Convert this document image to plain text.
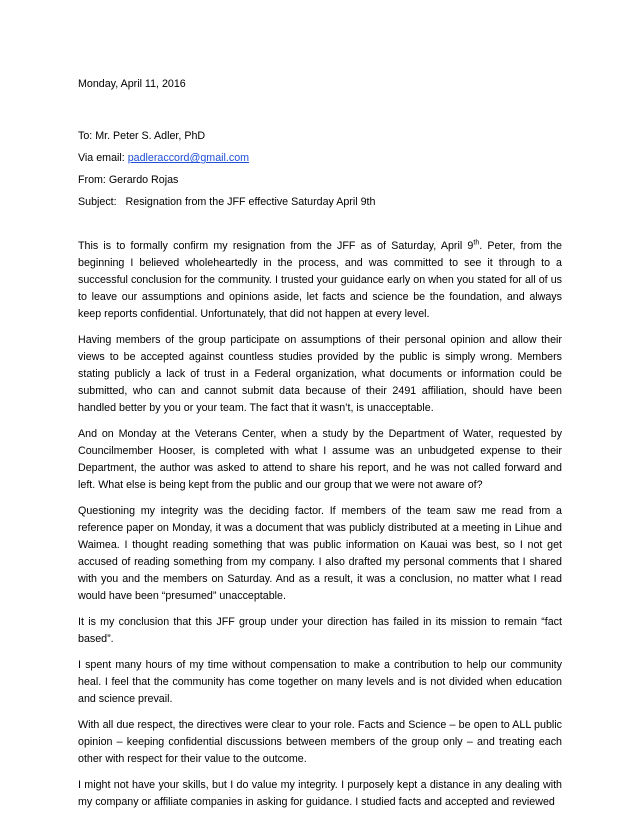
Monday, April 11, 2016

To: Mr. Peter S. Adler, PhD

Via email: padleraccord@gmail.com

From: Gerardo Rojas

Subject: Resignation from the JFF effective Saturday April 9th

This is to formally confirm my resignation from the JFF as of Saturday, April 9th. Peter, from the beginning I believed wholeheartedly in the process, and was committed to see it through to a successful conclusion for the community. I trusted your guidance early on when you stated for all of us to leave our assumptions and opinions aside, let facts and science be the foundation, and always keep reports confidential. Unfortunately, that did not happen at every level.

Having members of the group participate on assumptions of their personal opinion and allow their views to be accepted against countless studies provided by the public is simply wrong. Members stating publicly a lack of trust in a Federal organization, what documents or information could be submitted, who can and cannot submit data because of their 2491 affiliation, should have been handled better by you or your team. The fact that it wasn’t, is unacceptable.

And on Monday at the Veterans Center, when a study by the Department of Water, requested by Councilmember Hooser, is completed with what I assume was an unbudgeted expense to their Department, the author was asked to attend to share his report, and he was not called forward and left. What else is being kept from the public and our group that we were not aware of?

Questioning my integrity was the deciding factor. If members of the team saw me read from a reference paper on Monday, it was a document that was publicly distributed at a meeting in Lihue and Waimea. I thought reading something that was public information on Kauai was best, so I not get accused of reading something from my company. I also drafted my personal comments that I shared with you and the members on Saturday. And as a result, it was a conclusion, no matter what I read would have been “presumed” unacceptable.

It is my conclusion that this JFF group under your direction has failed in its mission to remain “fact based”.

I spent many hours of my time without compensation to make a contribution to help our community heal. I feel that the community has come together on many levels and is not divided when education and science prevail.

With all due respect, the directives were clear to your role. Facts and Science – be open to ALL public opinion – keeping confidential discussions between members of the group only – and treating each other with respect for their value to the outcome.

I might not have your skills, but I do value my integrity. I purposely kept a distance in any dealing with my company or affiliate companies in asking for guidance. I studied facts and accepted and reviewed
